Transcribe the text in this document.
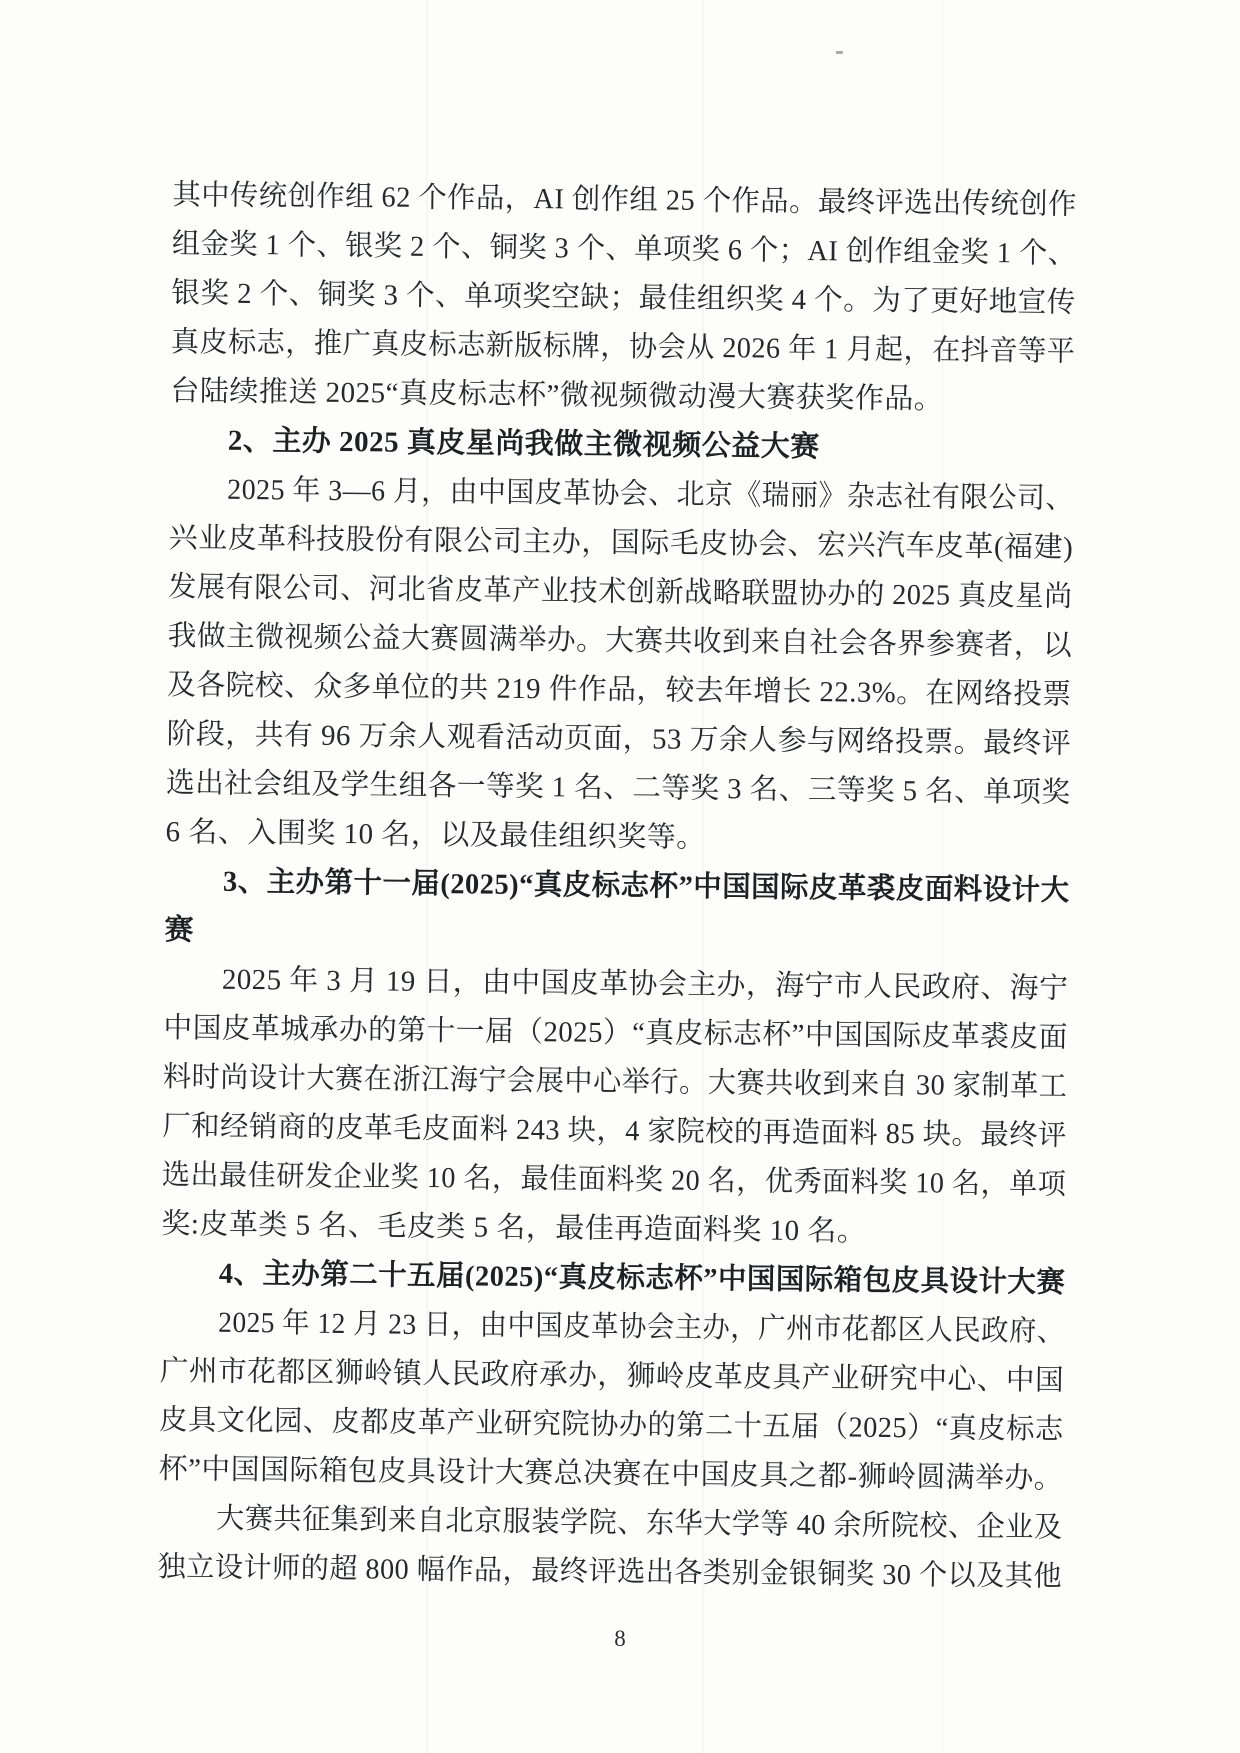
其中传统创作组 62 个作品，AI 创作组 25 个作品。最终评选出传统创作
组金奖 1 个、银奖 2 个、铜奖 3 个、单项奖 6 个；AI 创作组金奖 1 个、
银奖 2 个、铜奖 3 个、单项奖空缺；最佳组织奖 4 个。为了更好地宣传
真皮标志，推广真皮标志新版标牌，协会从 2026 年 1 月起，在抖音等平
台陆续推送 2025“真皮标志杯”微视频微动漫大赛获奖作品。
2、主办 2025 真皮星尚我做主微视频公益大赛
2025 年 3—6 月，由中国皮革协会、北京《瑞丽》杂志社有限公司、
兴业皮革科技股份有限公司主办，国际毛皮协会、宏兴汽车皮革(福建)
发展有限公司、河北省皮革产业技术创新战略联盟协办的 2025 真皮星尚
我做主微视频公益大赛圆满举办。大赛共收到来自社会各界参赛者，以
及各院校、众多单位的共 219 件作品，较去年增长 22.3%。在网络投票
阶段，共有 96 万余人观看活动页面，53 万余人参与网络投票。最终评
选出社会组及学生组各一等奖 1 名、二等奖 3 名、三等奖 5 名、单项奖
6 名、入围奖 10 名，以及最佳组织奖等。
3、主办第十一届(2025)“真皮标志杯”中国国际皮革裘皮面料设计大
赛
2025 年 3 月 19 日，由中国皮革协会主办，海宁市人民政府、海宁
中国皮革城承办的第十一届（2025）“真皮标志杯”中国国际皮革裘皮面
料时尚设计大赛在浙江海宁会展中心举行。大赛共收到来自 30 家制革工
厂和经销商的皮革毛皮面料 243 块，4 家院校的再造面料 85 块。最终评
选出最佳研发企业奖 10 名，最佳面料奖 20 名，优秀面料奖 10 名，单项
奖:皮革类 5 名、毛皮类 5 名，最佳再造面料奖 10 名。
4、主办第二十五届(2025)“真皮标志杯”中国国际箱包皮具设计大赛
2025 年 12 月 23 日，由中国皮革协会主办，广州市花都区人民政府、
广州市花都区狮岭镇人民政府承办，狮岭皮革皮具产业研究中心、中国
皮具文化园、皮都皮革产业研究院协办的第二十五届（2025）“真皮标志
杯”中国国际箱包皮具设计大赛总决赛在中国皮具之都-狮岭圆满举办。
大赛共征集到来自北京服装学院、东华大学等 40 余所院校、企业及
独立设计师的超 800 幅作品，最终评选出各类别金银铜奖 30 个以及其他
8
